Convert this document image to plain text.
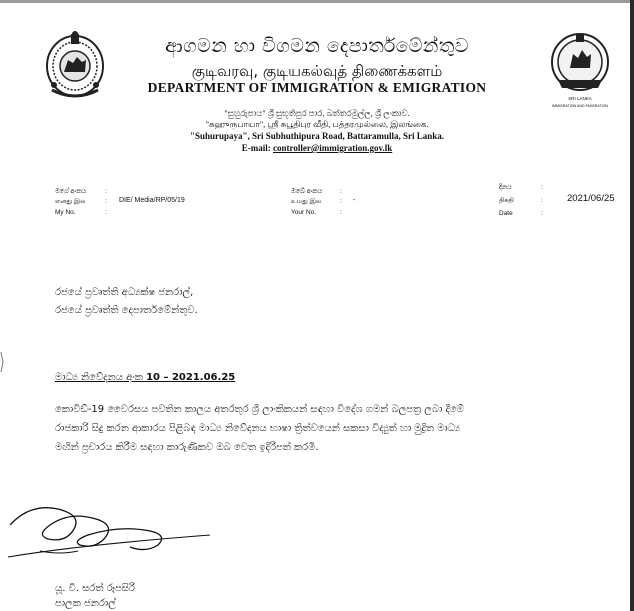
SRI LANKA
IMMIGRATION AND EMIGRATION
ආගමන හා විගමන දෙපාර්තමේන්තුව
குடிவரவு, குடியகல்வுத் திணைக்களம்
DEPARTMENT OF IMMIGRATION & EMIGRATION
"සුහුරුපාය" ශ්‍රී සුභූතිපුර පාර, බත්තරමුල්ල, ශ්‍රී ලංකාව.
"சுஹுருபாயா", ஸ்ரீ சுபூதிபுர வீதி, பத்தரமுல்லை, இலங்கை.
"Suhurupaya", Sri Subhuthipura Road, Battaramulla, Sri Lanka.
E-mail: controller@immigration.gov.lk
මගේ අංකය
எனது இல
My No.
:
:
:
DIE/ Media/RP/05/19
ඔබේ අංකය
உமது இல
Your No.
:
:
:
-
දිනය
திகதி
Date
:
:
:
2021/06/25
රජයේ ප්‍රවෘත්ති අධ්‍යක්ෂ ජනරාල්,
රජයේ ප්‍රවෘත්ති දෙපාර්තමේන්තුව.
මාධ්‍ය නිවේදනය අංක 10 – 2021.06.25
කොවිඩ්-19 වෛරසය පවතින කාලය අතරතුර ශ්‍රී ලාංකිකයන් සඳහා විදේශ ගමන් බලපත්‍ර ලබා දීමේ
රාජකාරි සිදු කරන ආකාරය පිළිබඳ මාධ්‍ය නිවේදනය භාෂා ත්‍රිත්වයෙන් සකසා විද්‍යුත් හා මුද්‍රිත මාධ්‍ය
මඟින් ප්‍රචාරය කිරීම සඳහා කාරුණිකව ඔබ වෙත ඉදිරිපත් කරමි.
යූ. වී. සරත් රූපසිරි
පාලක ජනරාල්
